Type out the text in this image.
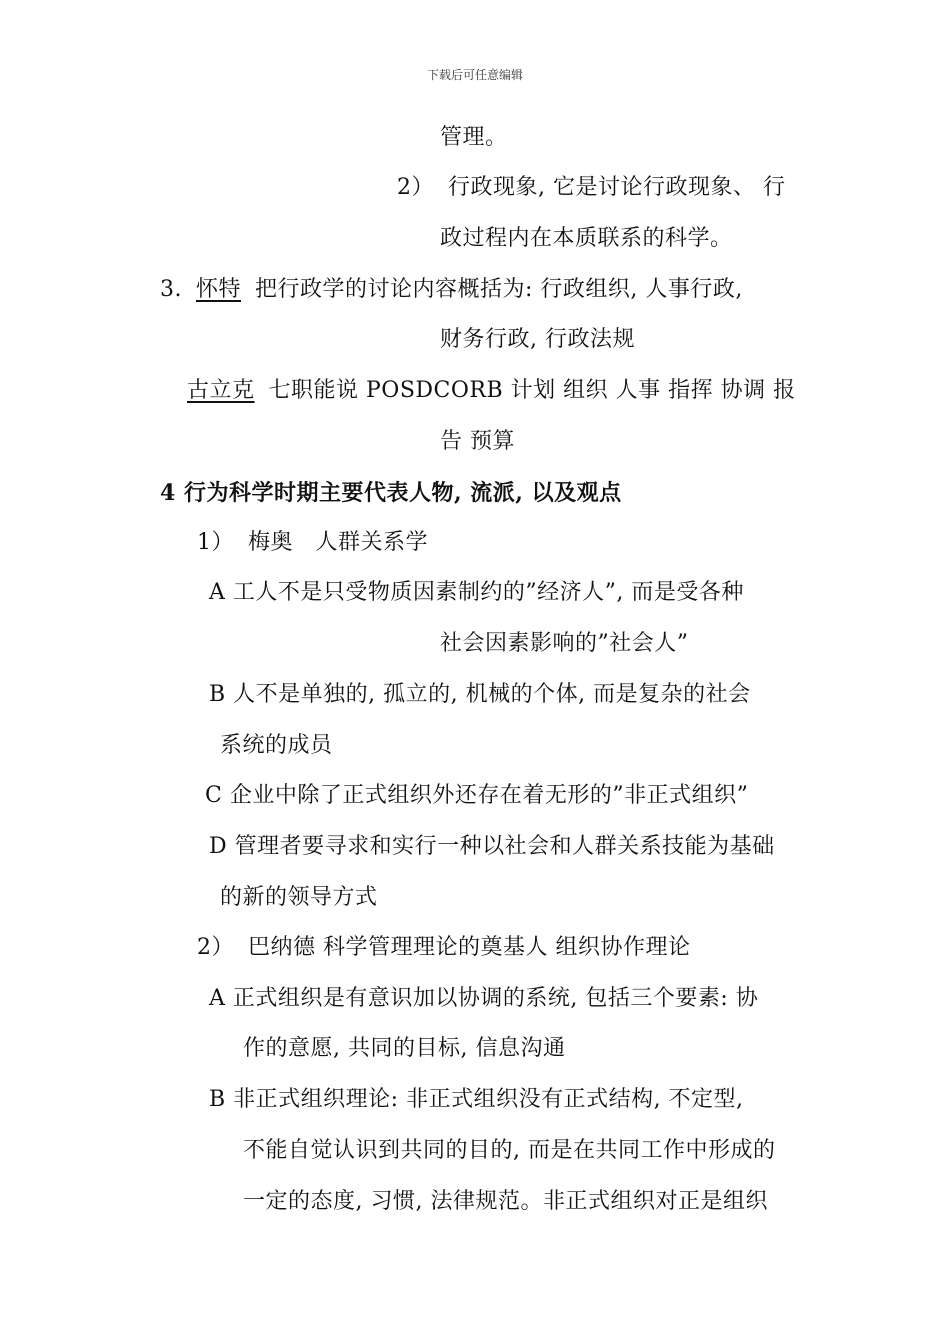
下载后可任意编辑
管理。
2） 行政现象, 它是讨论行政现象、 行
政过程内在本质联系的科学。
3. 怀特 把行政学的讨论内容概括为: 行政组织, 人事行政,
财务行政, 行政法规
古立克 七职能说 POSDCORB 计划 组织 人事 指挥 协调 报
告 预算
4 行为科学时期主要代表人物, 流派, 以及观点
1） 梅奥　人群关系学
A 工人不是只受物质因素制约的”经济人”, 而是受各种
社会因素影响的”社会人”
B 人不是单独的, 孤立的, 机械的个体, 而是复杂的社会
系统的成员
C 企业中除了正式组织外还存在着无形的”非正式组织”
D 管理者要寻求和实行一种以社会和人群关系技能为基础
的新的领导方式
2） 巴纳德 科学管理理论的奠基人 组织协作理论
A 正式组织是有意识加以协调的系统, 包括三个要素: 协
作的意愿, 共同的目标, 信息沟通
B 非正式组织理论: 非正式组织没有正式结构, 不定型,
不能自觉认识到共同的目的, 而是在共同工作中形成的
一定的态度, 习惯, 法律规范。非正式组织对正是组织
